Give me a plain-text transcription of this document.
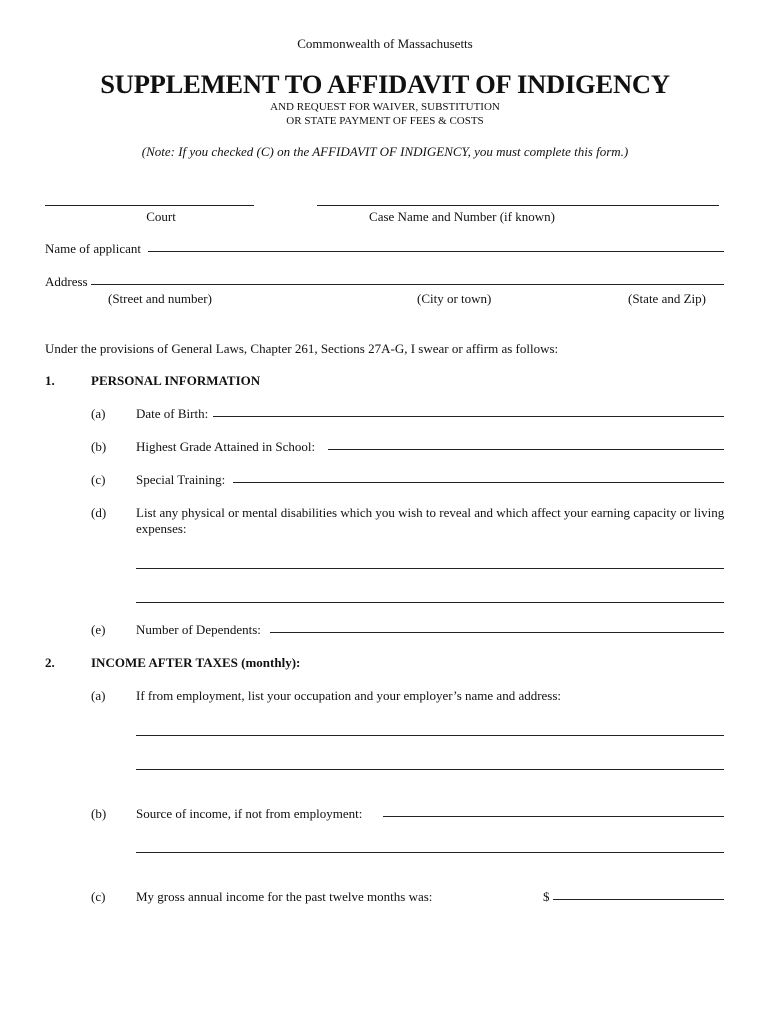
Commonwealth of Massachusetts
SUPPLEMENT TO AFFIDAVIT OF INDIGENCY
AND REQUEST FOR WAIVER, SUBSTITUTION
OR STATE PAYMENT OF FEES & COSTS
(Note: If you checked (C) on the AFFIDAVIT OF INDIGENCY, you must complete this form.)
Court	Case Name and Number (if known)
Name of applicant
Address
(Street and number)	(City or town)	(State and Zip)
Under the provisions of General Laws, Chapter 261, Sections 27A-G, I swear or affirm as follows:
1.	PERSONAL INFORMATION
(a) Date of Birth:
(b) Highest Grade Attained in School:
(c) Special Training:
(d) List any physical or mental disabilities which you wish to reveal and which affect your earning capacity or living expenses:
(e) Number of Dependents:
2.	INCOME AFTER TAXES (monthly):
(a) If from employment, list your occupation and your employer’s name and address:
(b) Source of income, if not from employment:
(c) My gross annual income for the past twelve months was:	$
